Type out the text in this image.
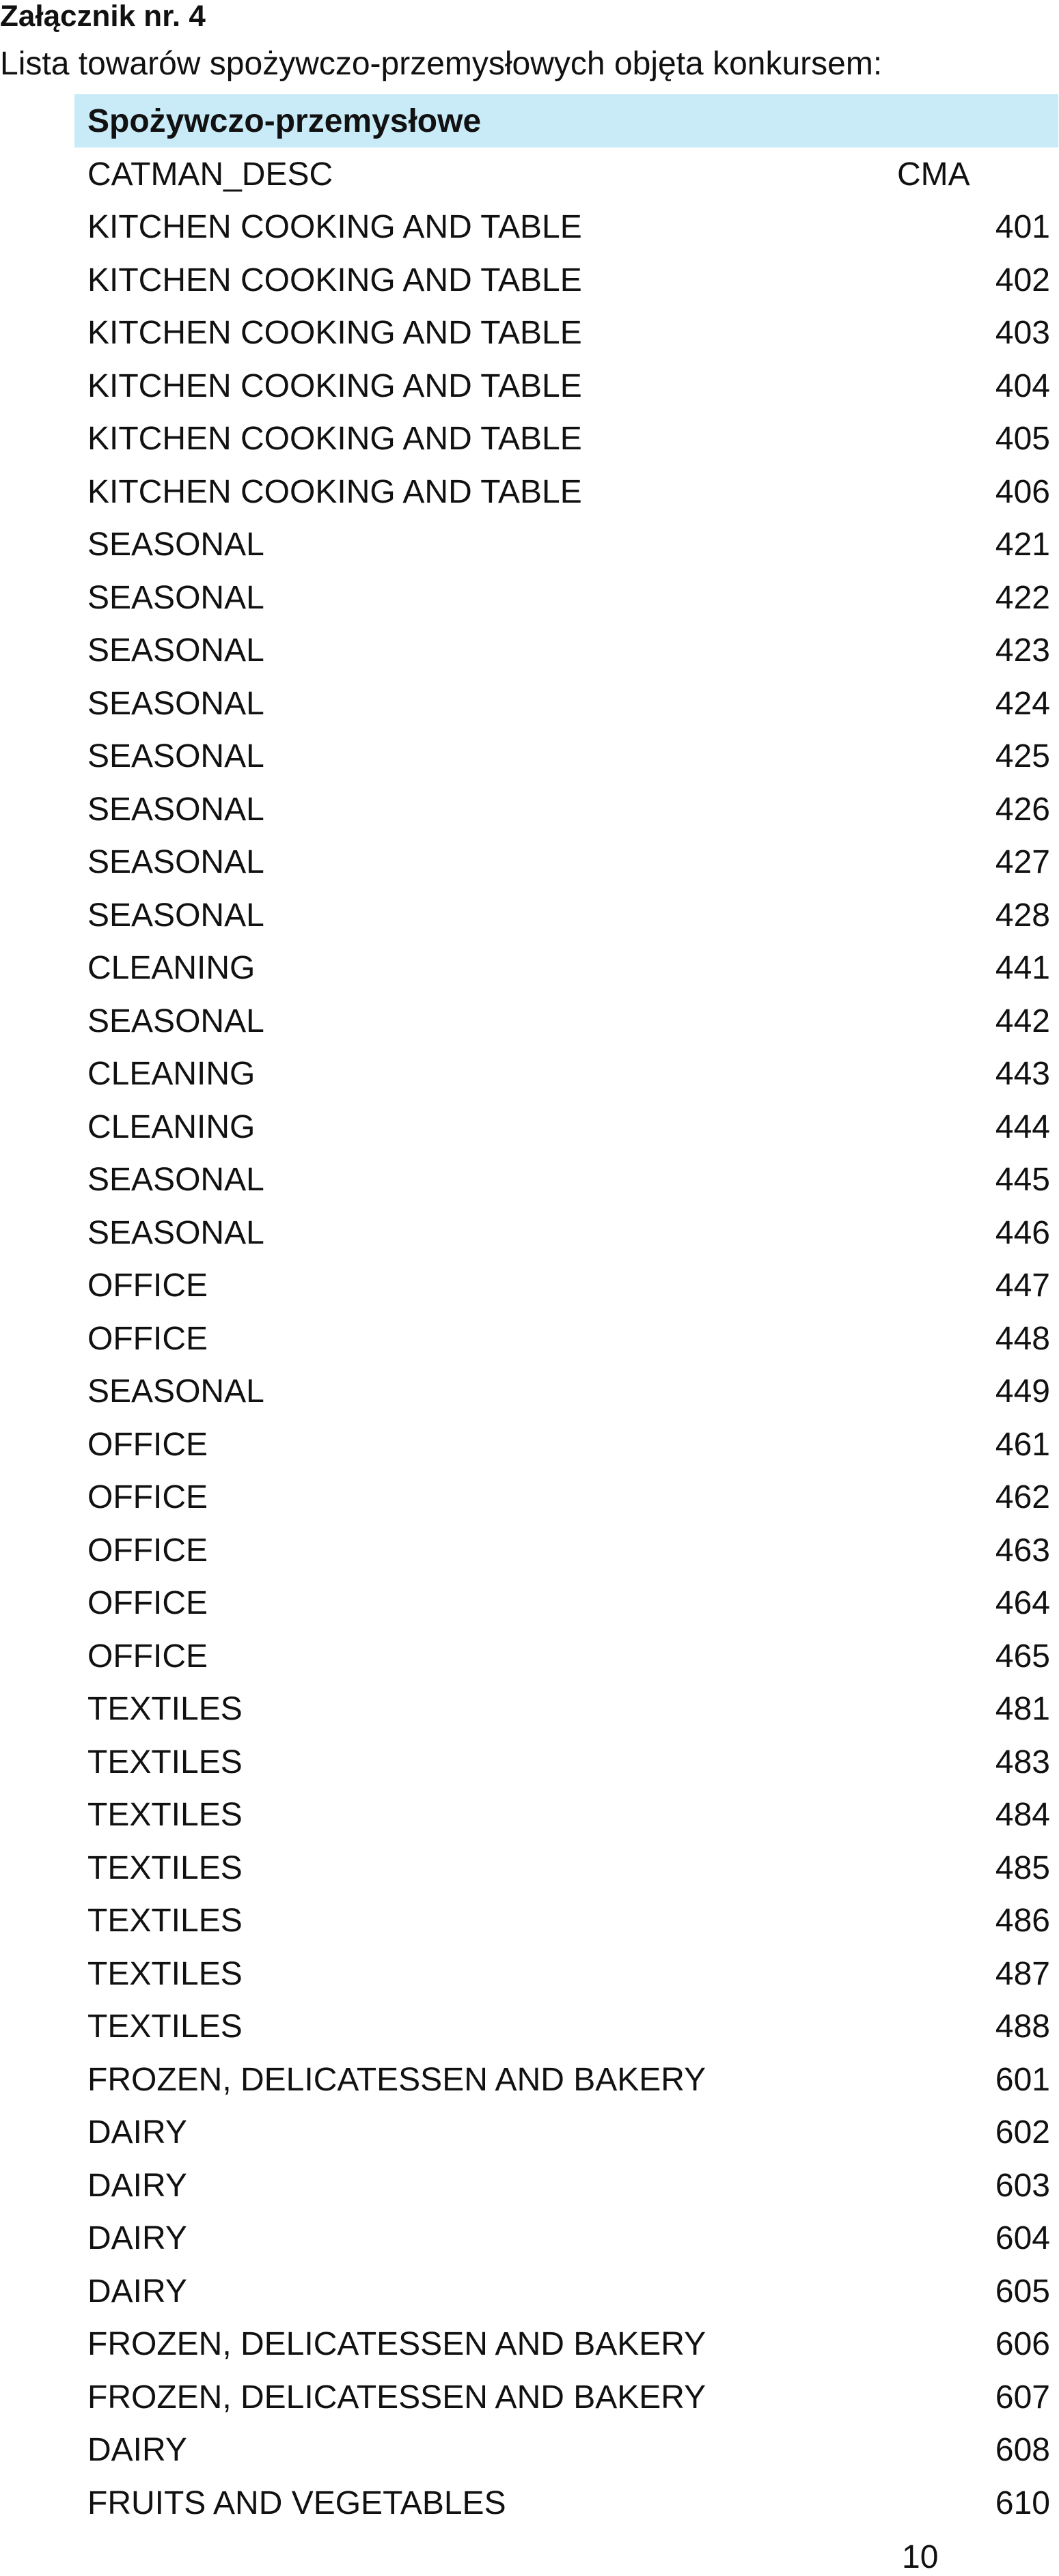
Załącznik nr. 4
Lista towarów spożywczo-przemysłowych objęta konkursem:
Spożywczo-przemysłowe
CATMAN_DESC	CMA
KITCHEN COOKING AND TABLE	401
KITCHEN COOKING AND TABLE	402
KITCHEN COOKING AND TABLE	403
KITCHEN COOKING AND TABLE	404
KITCHEN COOKING AND TABLE	405
KITCHEN COOKING AND TABLE	406
SEASONAL	421
SEASONAL	422
SEASONAL	423
SEASONAL	424
SEASONAL	425
SEASONAL	426
SEASONAL	427
SEASONAL	428
CLEANING	441
SEASONAL	442
CLEANING	443
CLEANING	444
SEASONAL	445
SEASONAL	446
OFFICE	447
OFFICE	448
SEASONAL	449
OFFICE	461
OFFICE	462
OFFICE	463
OFFICE	464
OFFICE	465
TEXTILES	481
TEXTILES	483
TEXTILES	484
TEXTILES	485
TEXTILES	486
TEXTILES	487
TEXTILES	488
FROZEN, DELICATESSEN AND BAKERY	601
DAIRY	602
DAIRY	603
DAIRY	604
DAIRY	605
FROZEN, DELICATESSEN AND BAKERY	606
FROZEN, DELICATESSEN AND BAKERY	607
DAIRY	608
FRUITS AND VEGETABLES	610
10
